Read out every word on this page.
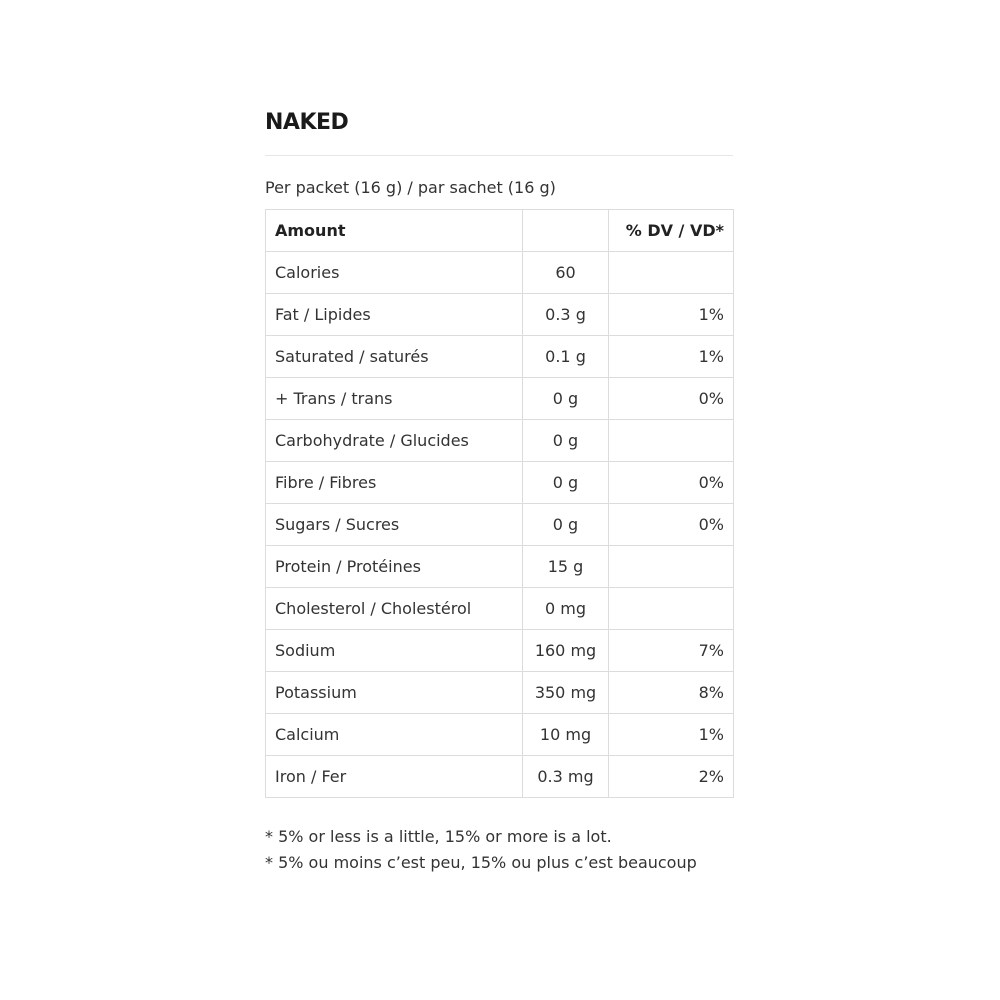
NAKED
Per packet (16 g) / par sachet (16 g)
Amount		% DV / VD*
Calories	60	
Fat / Lipides	0.3 g	1%
Saturated / saturés	0.1 g	1%
+ Trans / trans	0 g	0%
Carbohydrate / Glucides	0 g	
Fibre / Fibres	0 g	0%
Sugars / Sucres	0 g	0%
Protein / Protéines	15 g	
Cholesterol / Cholestérol	0 mg	
Sodium	160 mg	7%
Potassium	350 mg	8%
Calcium	10 mg	1%
Iron / Fer	0.3 mg	2%
* 5% or less is a little, 15% or more is a lot.
* 5% ou moins c’est peu, 15% ou plus c’est beaucoup
